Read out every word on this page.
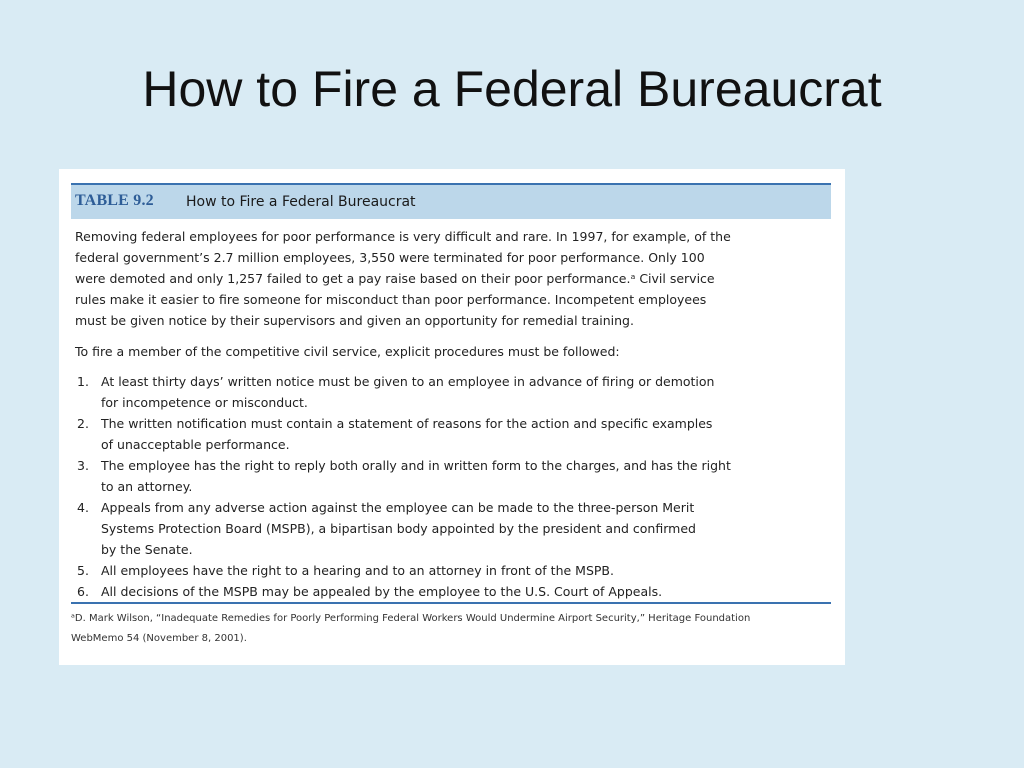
How to Fire a Federal Bureaucrat
TABLE 9.2 How to Fire a Federal Bureaucrat

Removing federal employees for poor performance is very difficult and rare. In 1997, for example, of the
federal government’s 2.7 million employees, 3,550 were terminated for poor performance. Only 100
were demoted and only 1,257 failed to get a pay raise based on their poor performance.ᵃ Civil service
rules make it easier to fire someone for misconduct than poor performance. Incompetent employees
must be given notice by their supervisors and given an opportunity for remedial training.

To fire a member of the competitive civil service, explicit procedures must be followed:

1. At least thirty days’ written notice must be given to an employee in advance of firing or demotion
for incompetence or misconduct.
2. The written notification must contain a statement of reasons for the action and specific examples
of unacceptable performance.
3. The employee has the right to reply both orally and in written form to the charges, and has the right
to an attorney.
4. Appeals from any adverse action against the employee can be made to the three-person Merit
Systems Protection Board (MSPB), a bipartisan body appointed by the president and confirmed
by the Senate.
5. All employees have the right to a hearing and to an attorney in front of the MSPB.
6. All decisions of the MSPB may be appealed by the employee to the U.S. Court of Appeals.

ᵃD. Mark Wilson, “Inadequate Remedies for Poorly Performing Federal Workers Would Undermine Airport Security,” Heritage Foundation
WebMemo 54 (November 8, 2001).
